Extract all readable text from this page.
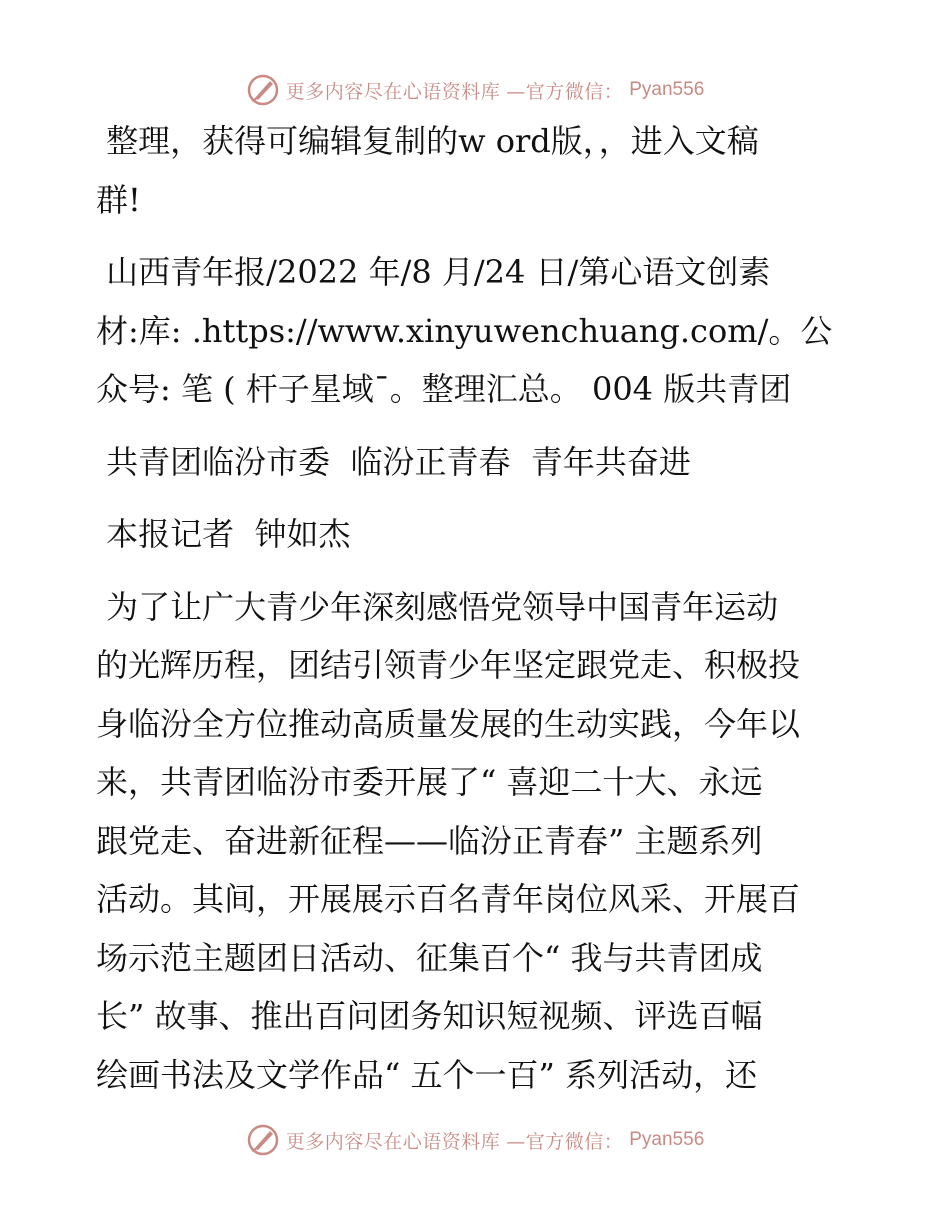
更多内容尽在心语资料库 —官方微信： Pyan556
整理，获得可编辑复制的w ord版，，进入文稿
群!
山西青年报/2022 年/8 月/24 日/第心语文创素
材:库: .https://www.xinyuwenchuang.com/。公
众号: 笔 ( 杆子星域¯。整理汇总。 004 版共青团
共青团临汾市委  临汾正青春  青年共奋进
本报记者  钟如杰
为了让广大青少年深刻感悟党领导中国青年运动
的光辉历程，团结引领青少年坚定跟党走、积极投
身临汾全方位推动高质量发展的生动实践，今年以
来，共青团临汾市委开展了“ 喜迎二十大、永远
跟党走、奋进新征程——临汾正青春” 主题系列
活动。其间，开展展示百名青年岗位风采、开展百
场示范主题团日活动、征集百个“ 我与共青团成
长” 故事、推出百问团务知识短视频、评选百幅
绘画书法及文学作品“ 五个一百” 系列活动，还
更多内容尽在心语资料库 —官方微信： Pyan556
